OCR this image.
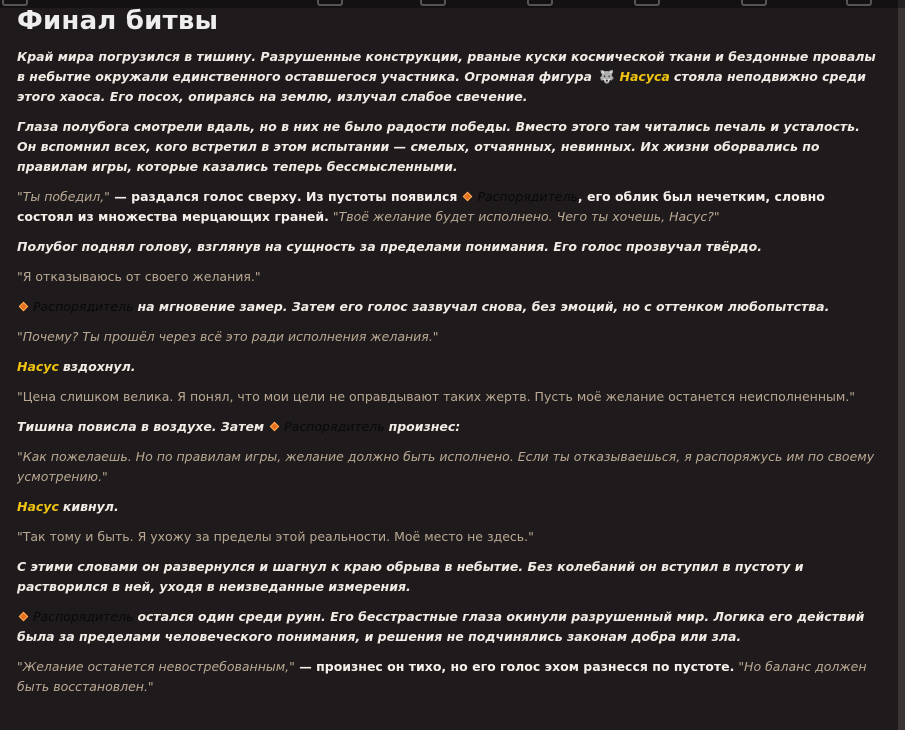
Финал битвы

Край мира погрузился в тишину. Разрушенные конструкции, рваные куски космической ткани и бездонные провалы в небытие окружали единственного оставшегося участника. Огромная фигура 🐺 Насуса стояла неподвижно среди этого хаоса. Его посох, опираясь на землю, излучал слабое свечение.

Глаза полубога смотрели вдаль, но в них не было радости победы. Вместо этого там читались печаль и усталость. Он вспомнил всех, кого встретил в этом испытании — смелых, отчаянных, невинных. Их жизни оборвались по правилам игры, которые казались теперь бессмысленными.

"Ты победил," — раздался голос сверху. Из пустоты появился Распорядитель, его облик был нечетким, словно состоял из множества мерцающих граней. "Твоё желание будет исполнено. Чего ты хочешь, Насус?"

Полубог поднял голову, взглянув на сущность за пределами понимания. Его голос прозвучал твёрдо.

"Я отказываюсь от своего желания."

Распорядитель на мгновение замер. Затем его голос зазвучал снова, без эмоций, но с оттенком любопытства.

"Почему? Ты прошёл через всё это ради исполнения желания."

Насус вздохнул.

"Цена слишком велика. Я понял, что мои цели не оправдывают таких жертв. Пусть моё желание останется неисполненным."

Тишина повисла в воздухе. Затем Распорядитель произнес:

"Как пожелаешь. Но по правилам игры, желание должно быть исполнено. Если ты отказываешься, я распоряжусь им по своему усмотрению."

Насус кивнул.

"Так тому и быть. Я ухожу за пределы этой реальности. Моё место не здесь."

С этими словами он развернулся и шагнул к краю обрыва в небытие. Без колебаний он вступил в пустоту и растворился в ней, уходя в неизведанные измерения.

Распорядитель остался один среди руин. Его бесстрастные глаза окинули разрушенный мир. Логика его действий была за пределами человеческого понимания, и решения не подчинялись законам добра или зла.

"Желание останется невостребованным," — произнес он тихо, но его голос эхом разнесся по пустоте. "Но баланс должен быть восстановлен."
